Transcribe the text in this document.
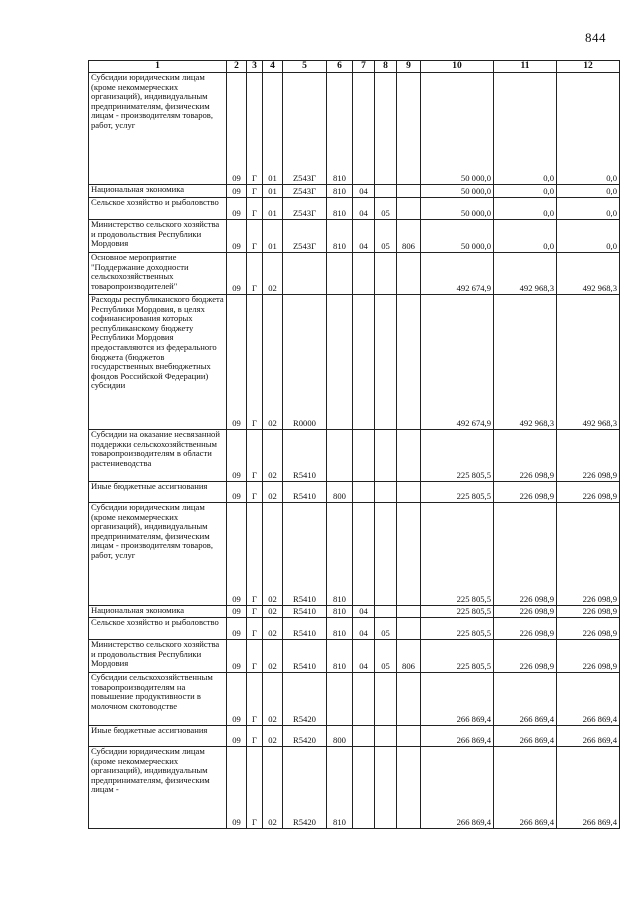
844
1	2	3	4	5	6	7	8	9	10	11	12
Субсидии юридическим лицам (кроме некоммерческих организаций), индивидуальным предпринимателям, физическим лицам - производителям товаров, работ, услуг	09	Г	01	Z543Г	810				50 000,0	0,0	0,0
Национальная экономика	09	Г	01	Z543Г	810	04			50 000,0	0,0	0,0
Сельское хозяйство и рыболовство	09	Г	01	Z543Г	810	04	05		50 000,0	0,0	0,0
Министерство сельского хозяйства и продовольствия Республики Мордовия	09	Г	01	Z543Г	810	04	05	806	50 000,0	0,0	0,0
Основное мероприятие "Поддержание доходности сельскохозяйственных товаропроизводителей"	09	Г	02						492 674,9	492 968,3	492 968,3
Расходы республиканского бюджета Республики Мордовия, в целях софинансирования которых республиканскому бюджету Республики Мордовия предоставляются из федерального бюджета (бюджетов государственных внебюджетных фондов Российской Федерации) субсидии	09	Г	02	R0000					492 674,9	492 968,3	492 968,3
Субсидии на оказание несвязанной поддержки сельскохозяйственным товаропроизводителям в области растениеводства	09	Г	02	R5410					225 805,5	226 098,9	226 098,9
Иные бюджетные ассигнования	09	Г	02	R5410	800				225 805,5	226 098,9	226 098,9
Субсидии юридическим лицам (кроме некоммерческих организаций), индивидуальным предпринимателям, физическим лицам - производителям товаров, работ, услуг	09	Г	02	R5410	810				225 805,5	226 098,9	226 098,9
Национальная экономика	09	Г	02	R5410	810	04			225 805,5	226 098,9	226 098,9
Сельское хозяйство и рыболовство	09	Г	02	R5410	810	04	05		225 805,5	226 098,9	226 098,9
Министерство сельского хозяйства и продовольствия Республики Мордовия	09	Г	02	R5410	810	04	05	806	225 805,5	226 098,9	226 098,9
Субсидии сельскохозяйственным товаропроизводителям на повышение продуктивности в молочном скотоводстве	09	Г	02	R5420					266 869,4	266 869,4	266 869,4
Иные бюджетные ассигнования	09	Г	02	R5420	800				266 869,4	266 869,4	266 869,4
Субсидии юридическим лицам (кроме некоммерческих организаций), индивидуальным предпринимателям, физическим лицам -	09	Г	02	R5420	810				266 869,4	266 869,4	266 869,4
